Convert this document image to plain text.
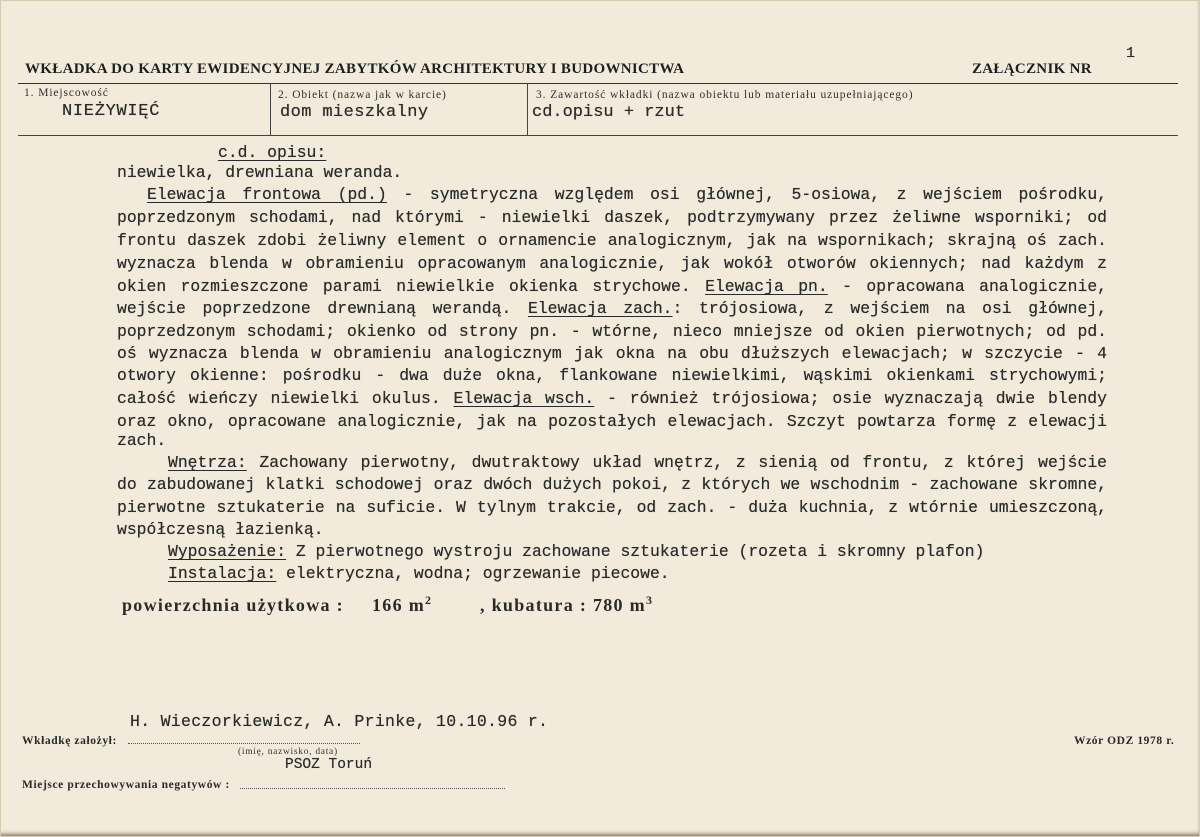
1
WKŁADKA DO KARTY EWIDENCYJNEJ ZABYTKÓW ARCHITEKTURY I BUDOWNICTWA	ZAŁĄCZNIK NR
1. Miejscowość
NIEŻYWIĘĆ
2. Obiekt (nazwa jak w karcie)
dom mieszkalny
3. Zawartość wkładki (nazwa obiektu lub materiału uzupełniającego)
cd.opisu + rzut
c.d. opisu:
niewielka, drewniana weranda.
Elewacja frontowa (pd.) - symetryczna względem osi głównej, 5-osiowa, z wejściem pośrodku,
poprzedzonym schodami, nad którymi - niewielki daszek, podtrzymywany przez żeliwne wsporniki; od
frontu daszek zdobi żeliwny element o ornamencie analogicznym, jak na wspornikach; skrajną oś zach.
wyznacza blenda w obramieniu opracowanym analogicznie, jak wokół otworów okiennych; nad każdym z
okien rozmieszczone parami niewielkie okienka strychowe. Elewacja pn. - opracowana analogicznie,
wejście poprzedzone drewnianą werandą. Elewacja zach.: trójosiowa, z wejściem na osi głównej,
poprzedzonym schodami; okienko od strony pn. - wtórne, nieco mniejsze od okien pierwotnych; od pd.
oś wyznacza blenda w obramieniu analogicznym jak okna na obu dłuższych elewacjach; w szczycie - 4
otwory okienne: pośrodku - dwa duże okna, flankowane niewielkimi, wąskimi okienkami strychowymi;
całość wieńczy niewielki okulus. Elewacja wsch. - również trójosiowa; osie wyznaczają dwie blendy
oraz okno, opracowane analogicznie, jak na pozostałych elewacjach. Szczyt powtarza formę z elewacji
zach.
Wnętrza: Zachowany pierwotny, dwutraktowy układ wnętrz, z sienią od frontu, z której wejście
do zabudowanej klatki schodowej oraz dwóch dużych pokoi, z których we wschodnim - zachowane skromne,
pierwotne sztukaterie na suficie. W tylnym trakcie, od zach. - duża kuchnia, z wtórnie umieszczoną,
współczesną łazienką.
Wyposażenie: Z pierwotnego wystroju zachowane sztukaterie (rozeta i skromny plafon)
Instalacja: elektryczna, wodna; ogrzewanie piecowe.
powierzchnia użytkowa : 166 $m^2$	, kubatura : 780 $m^3$
H. Wieczorkiewicz, A. Prinke, 10.10.96 r.
Wkładkę założył:
(imię, nazwisko, data)
Wzór ODZ 1978 r.
PSOZ Toruń
Miejsce przechowywania negatywów :
